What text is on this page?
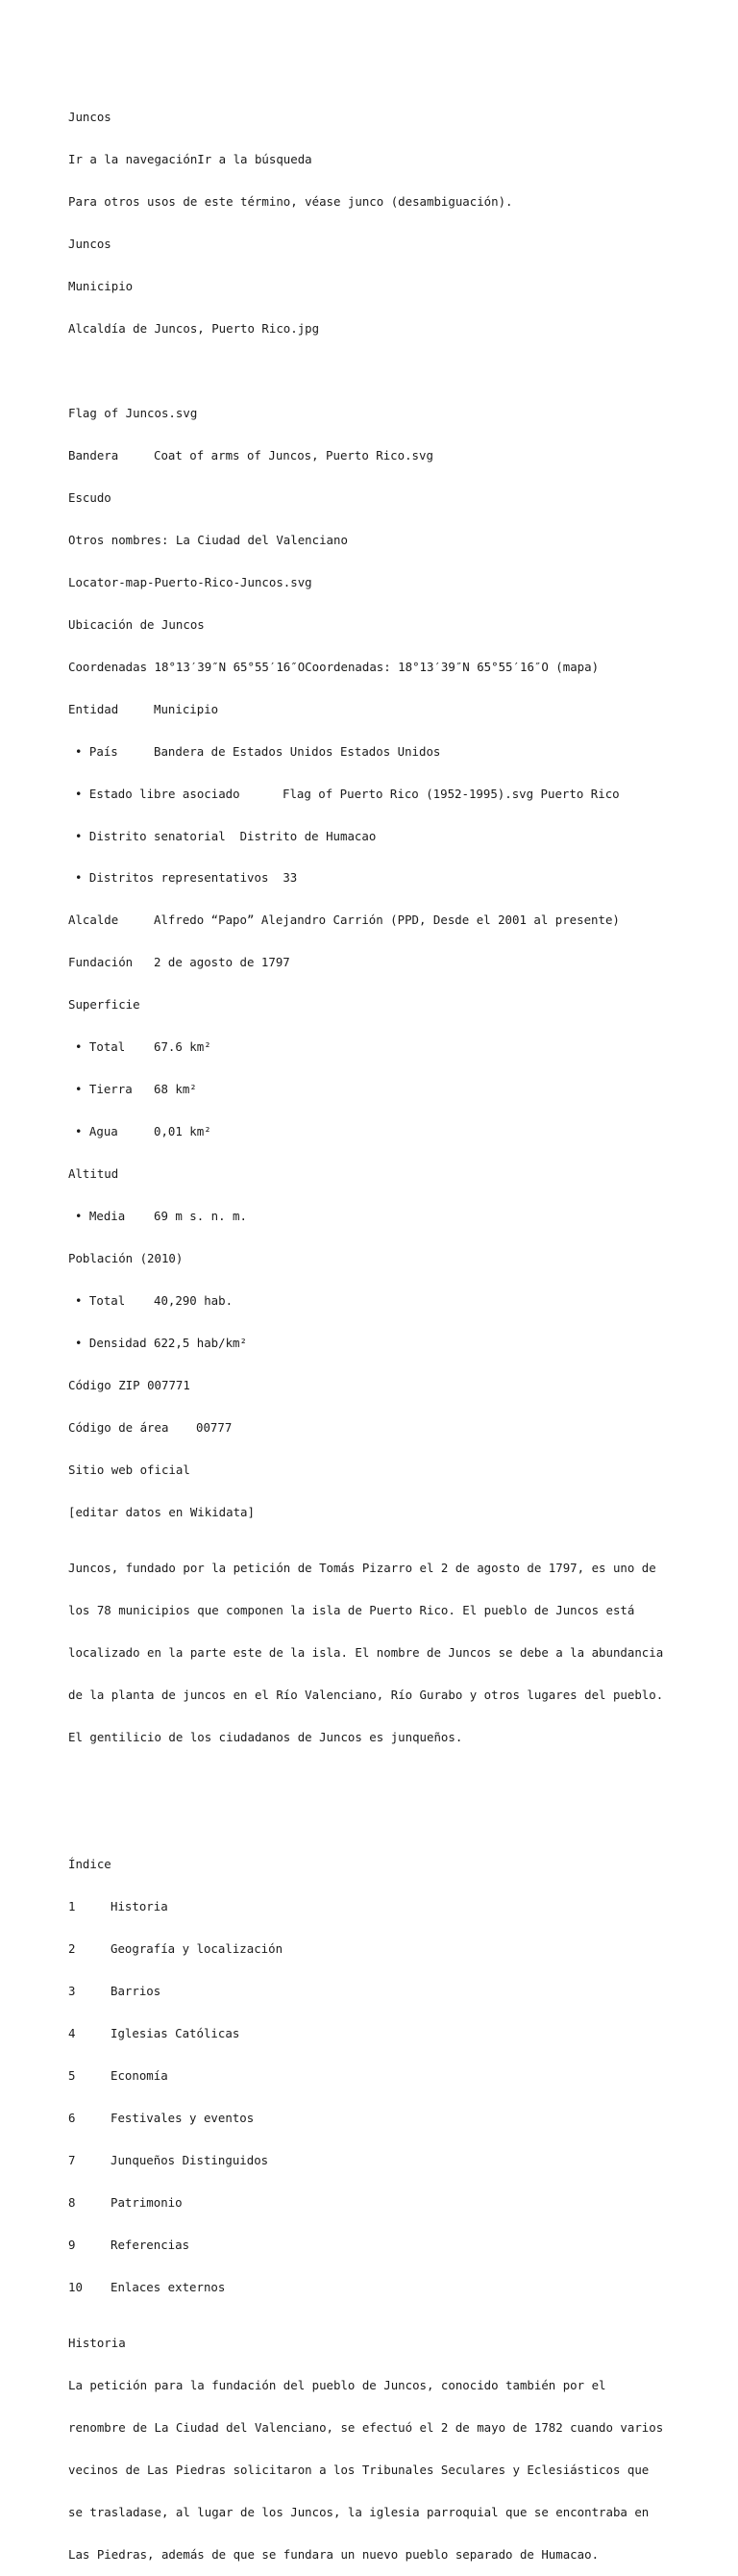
Juncos

Ir a la navegaciónIr a la búsqueda

Para otros usos de este término, véase junco (desambiguación).

Juncos

Municipio

Alcaldía de Juncos, Puerto Rico.jpg

Flag of Juncos.svg

Bandera	Coat of arms of Juncos, Puerto Rico.svg

Escudo

Otros nombres: La Ciudad del Valenciano

Locator-map-Puerto-Rico-Juncos.svg

Ubicación de Juncos

Coordenadas 18°13′39″N 65°55′16″OCoordenadas: 18°13′39″N 65°55′16″O (mapa)

Entidad	Municipio

• País	Bandera de Estados Unidos Estados Unidos

• Estado libre asociado	Flag of Puerto Rico (1952-1995).svg Puerto Rico

• Distrito senatorial Distrito de Humacao

• Distritos representativos 33

Alcalde	Alfredo “Papo” Alejandro Carrión (PPD, Desde el 2001 al presente)

Fundación 2 de agosto de 1797

Superficie

• Total 67.6 km²

• Tierra 68 km²

• Agua	0,01 km²

Altitud

• Media 69 m s. n. m.

Población (2010)

• Total 40,290 hab.

• Densidad 622,5 hab/km²

Código ZIP 007771

Código de área 00777

Sitio web oficial

[editar datos en Wikidata]

Juncos, fundado por la petición de Tomás Pizarro el 2 de agosto de 1797, es uno de

los 78 municipios que componen la isla de Puerto Rico. El pueblo de Juncos está

localizado en la parte este de la isla. El nombre de Juncos se debe a la abundancia

de la planta de juncos en el Río Valenciano, Río Gurabo y otros lugares del pueblo.

El gentilicio de los ciudadanos de Juncos es junqueños.

Índice

1	Historia

2	Geografía y localización

3	Barrios

4	Iglesias Católicas

5	Economía

6	Festivales y eventos

7	Junqueños Distinguidos

8	Patrimonio

9	Referencias

10 Enlaces externos

Historia

La petición para la fundación del pueblo de Juncos, conocido también por el

renombre de La Ciudad del Valenciano, se efectuó el 2 de mayo de 1782 cuando varios

vecinos de Las Piedras solicitaron a los Tribunales Seculares y Eclesiásticos que

se trasladase, al lugar de los Juncos, la iglesia parroquial que se encontraba en

Las Piedras, además de que se fundara un nuevo pueblo separado de Humacao.
